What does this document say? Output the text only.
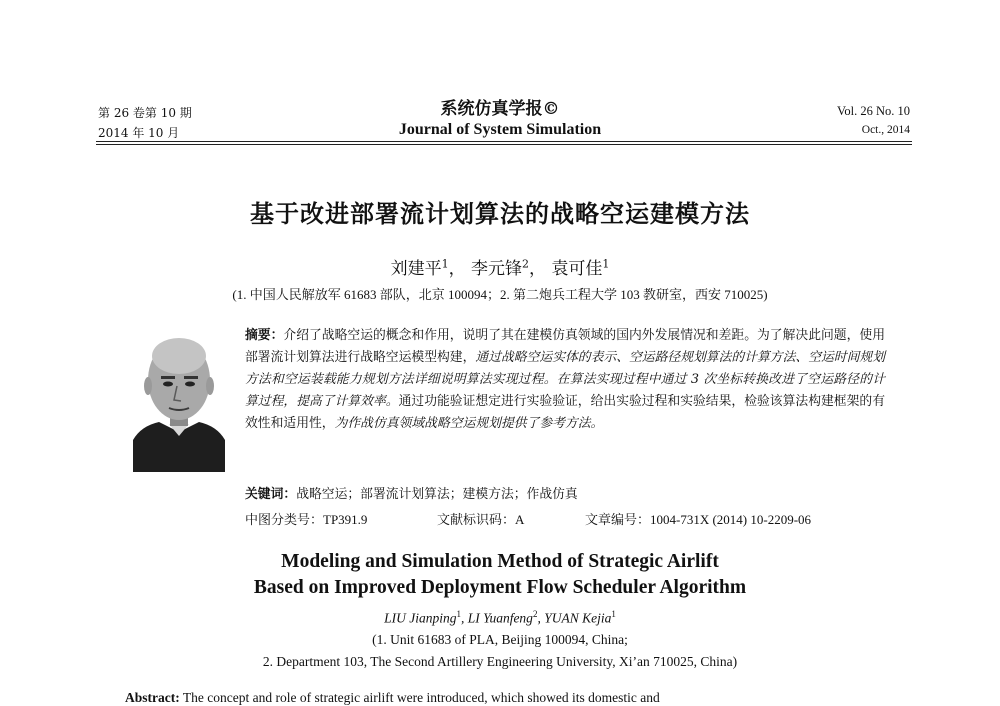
第 26 卷第 10 期
2014 年 10 月
系统仿真学报©
Journal of System Simulation
Vol. 26 No. 10
Oct., 2014
基于改进部署流计划算法的战略空运建模方法
刘建平$^1$， 李元锋$^2$， 袁可佳$^1$
(1. 中国人民解放军 61683 部队，北京 100094；2. 第二炮兵工程大学 103 教研室，西安 710025)
摘要：介绍了战略空运的概念和作用，说明了其在建模仿真领域的国内外发展情况和差距。为了解决此问题，使用部署流计划算法进行战略空运模型构建，通过战略空运实体的表示、空运路径规划算法的计算方法、空运时间规划方法和空运装载能力规划方法详细说明算法实现过程。在算法实现过程中通过 3 次坐标转换改进了空运路径的计算过程，提高了计算效率。通过功能验证想定进行实验验证，给出实验过程和实验结果，检验该算法构建框架的有效性和适用性，为作战仿真领域战略空运规划提供了参考方法。
关键词：战略空运；部署流计划算法；建模方法；作战仿真
中图分类号：TP391.9	文献标识码：A	文章编号：1004-731X (2014) 10-2209-06
Modeling and Simulation Method of Strategic Airlift
Based on Improved Deployment Flow Scheduler Algorithm
LIU Jianping$^1$, LI Yuanfeng$^2$, YUAN Kejia$^1$
(1. Unit 61683 of PLA, Beijing 100094, China;
2. Department 103, The Second Artillery Engineering University, Xi’an 710025, China)
Abstract: The concept and role of strategic airlift were introduced, which showed its domestic and
